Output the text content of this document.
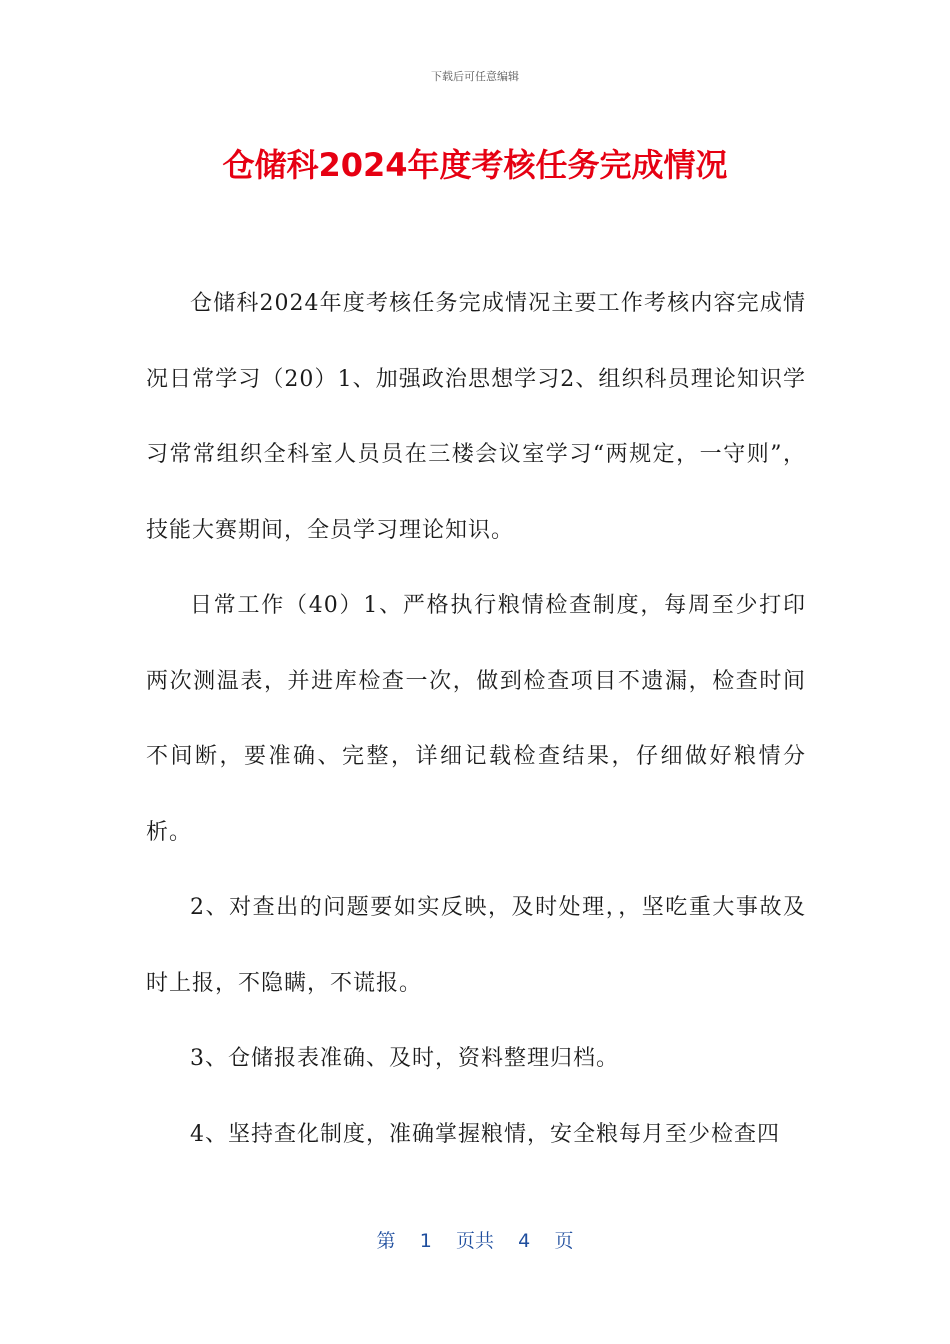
下载后可任意编辑
仓储科2024年度考核任务完成情况

仓储科2024年度考核任务完成情况主要工作考核内容完成情况日常学习（20）1、加强政治思想学习2、组织科员理论知识学习常常组织全科室人员员在三楼会议室学习“两规定，一守则”，技能大赛期间，全员学习理论知识。

日常工作（40）1、严格执行粮情检查制度，每周至少打印两次测温表，并进库检查一次，做到检查项目不遗漏，检查时间不间断，要准确、完整，详细记载检查结果，仔细做好粮情分析。

2、对查出的问题要如实反映，及时处理，，坚吃重大事故及时上报，不隐瞒，不谎报。

3、仓储报表准确、及时，资料整理归档。

4、坚持查化制度，准确掌握粮情，安全粮每月至少检查四

第 1 页共 4 页
